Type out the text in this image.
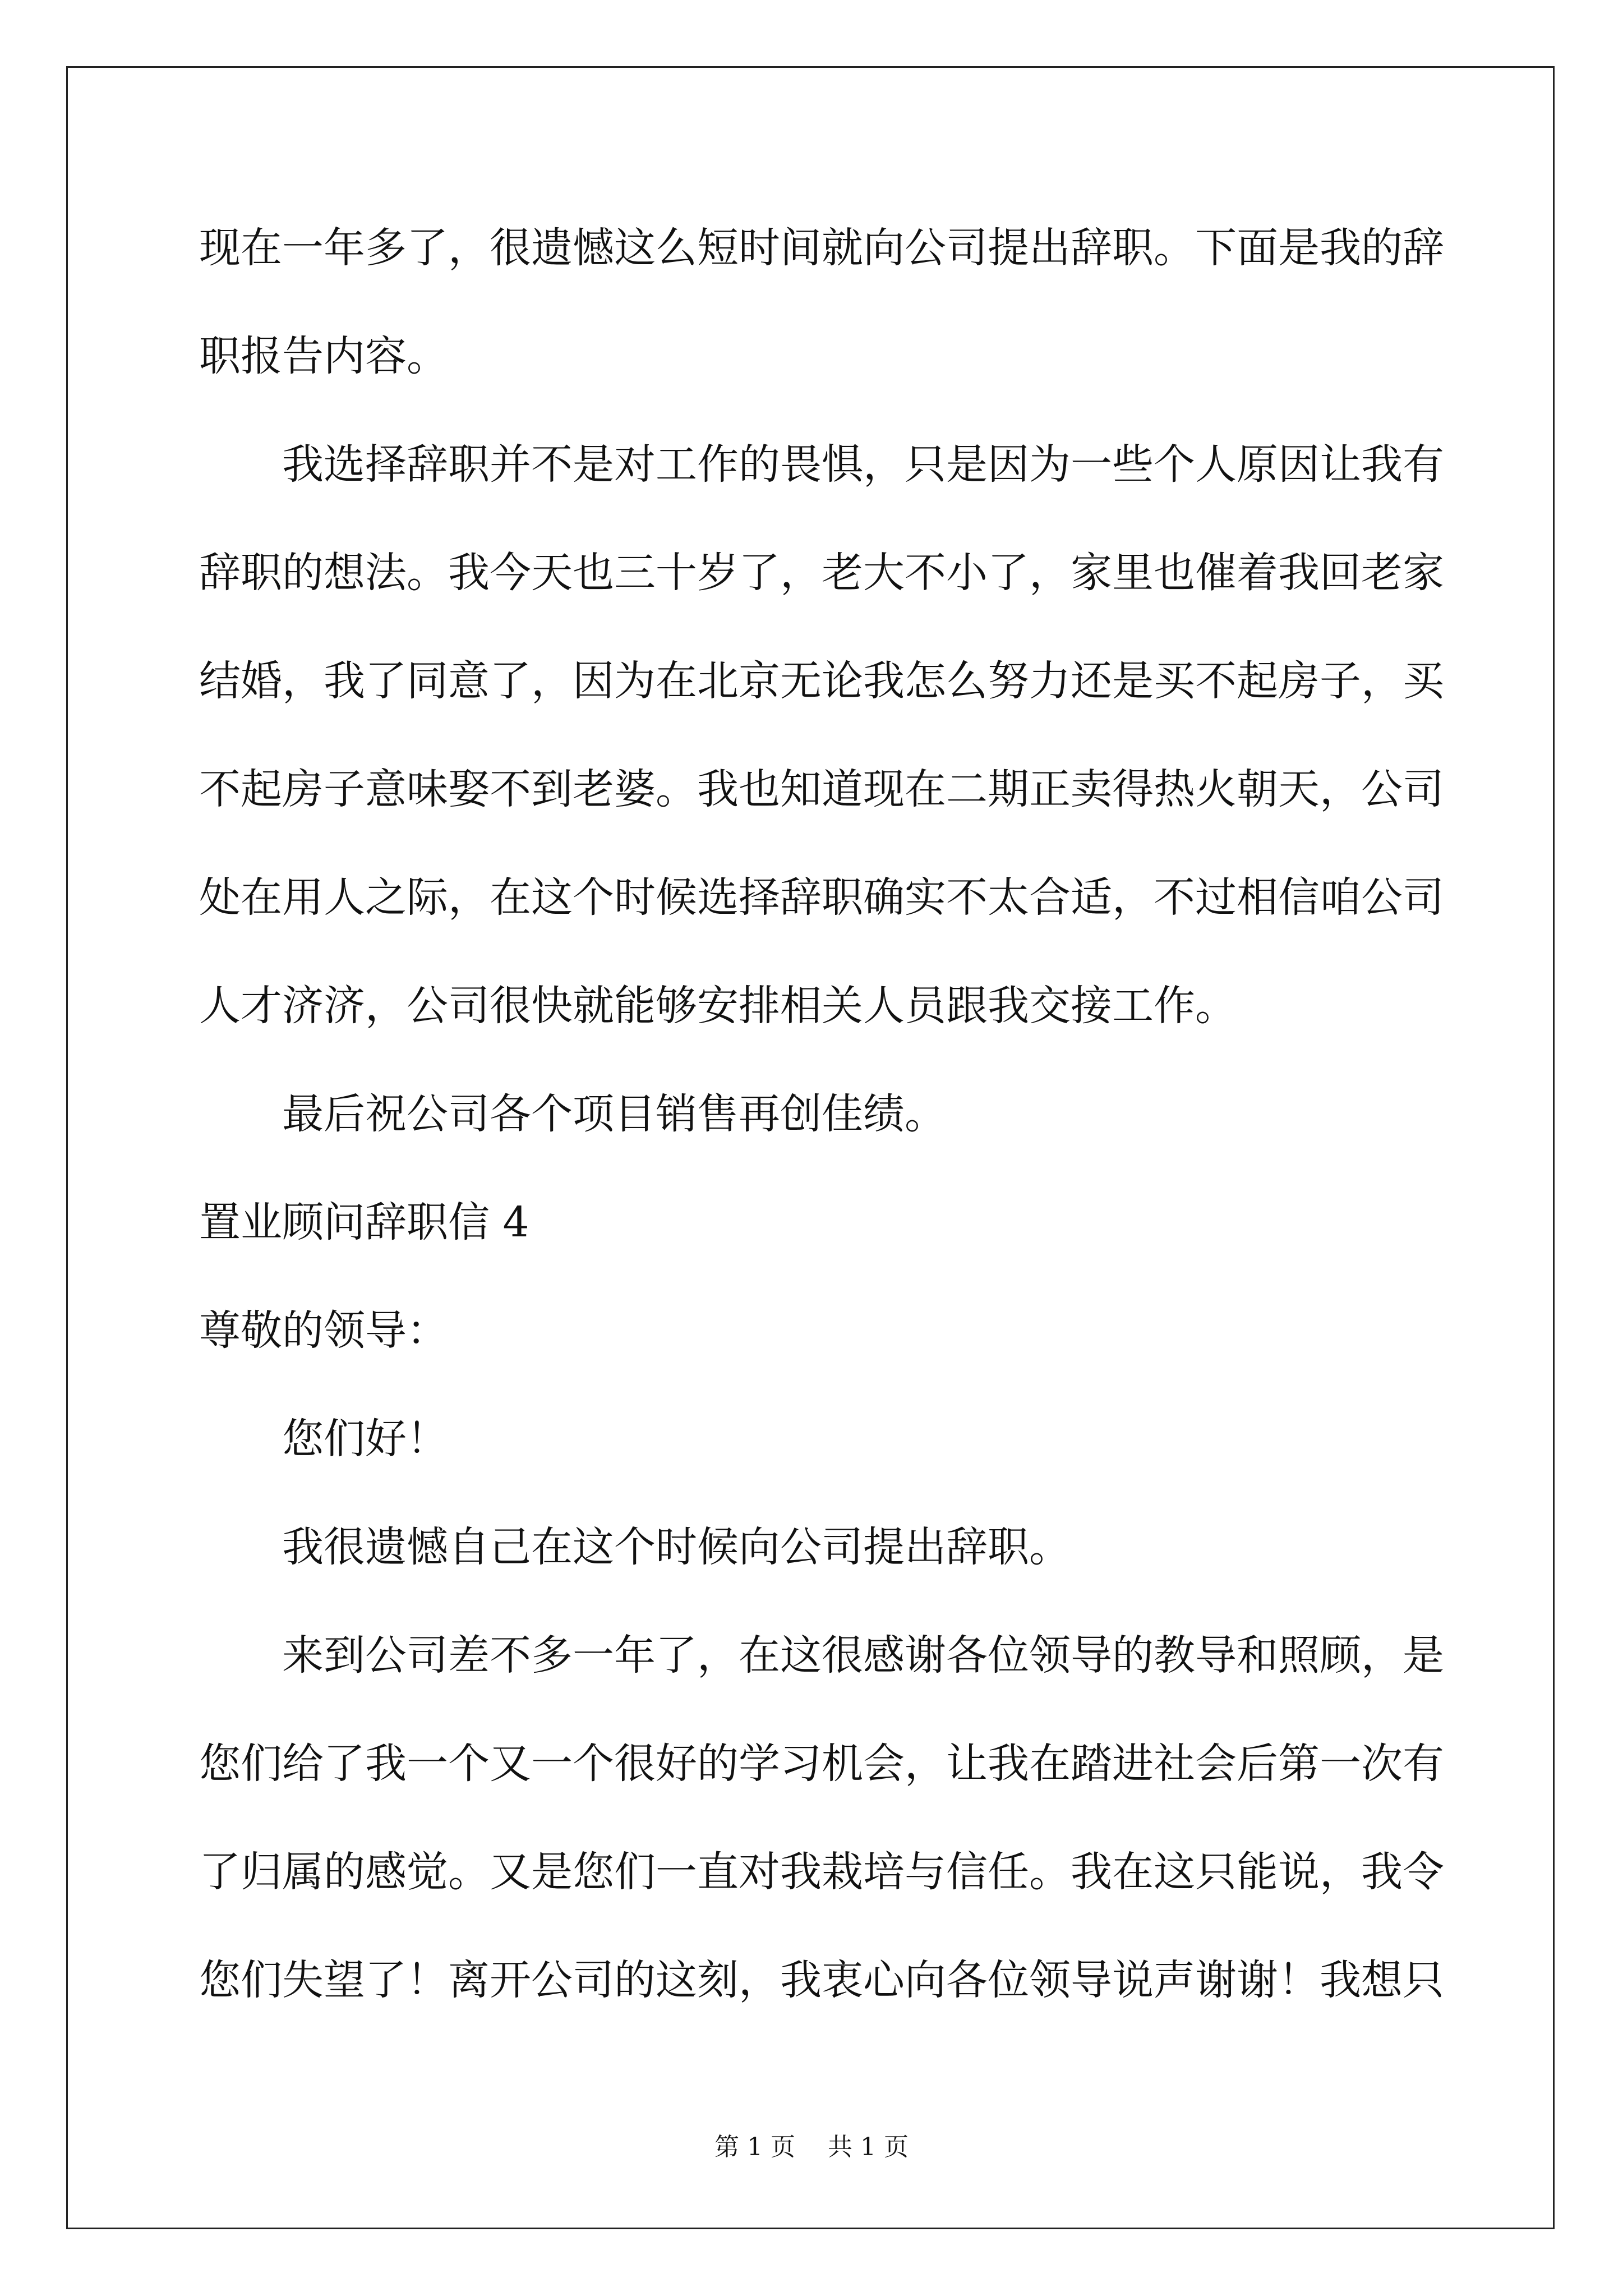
现在一年多了，很遗憾这么短时间就向公司提出辞职。下面是我的辞
职报告内容。
　　我选择辞职并不是对工作的畏惧，只是因为一些个人原因让我有
辞职的想法。我今天也三十岁了，老大不小了，家里也催着我回老家
结婚，我了同意了，因为在北京无论我怎么努力还是买不起房子，买
不起房子意味娶不到老婆。我也知道现在二期正卖得热火朝天，公司
处在用人之际，在这个时候选择辞职确实不太合适，不过相信咱公司
人才济济，公司很快就能够安排相关人员跟我交接工作。
　　最后祝公司各个项目销售再创佳绩。
置业顾问辞职信 4
尊敬的领导：
　　您们好！
　　我很遗憾自己在这个时候向公司提出辞职。
　　来到公司差不多一年了，在这很感谢各位领导的教导和照顾，是
您们给了我一个又一个很好的学习机会，让我在踏进社会后第一次有
了归属的感觉。又是您们一直对我栽培与信任。我在这只能说，我令
您们失望了！离开公司的这刻，我衷心向各位领导说声谢谢！我想只
第 1 页　 共 1 页
